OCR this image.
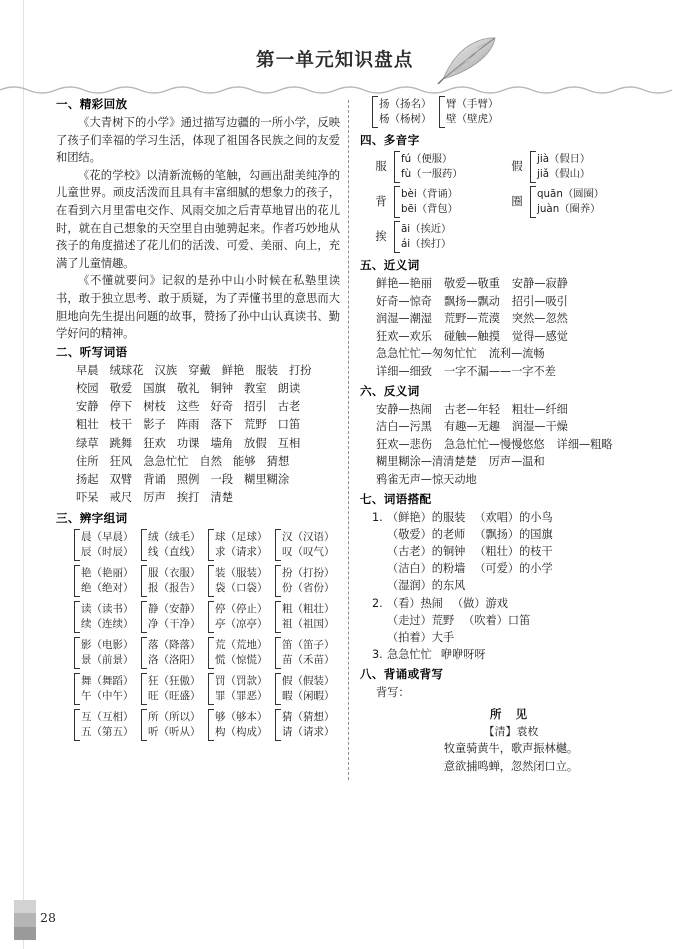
第一单元知识盘点
一、精彩回放

《大青树下的小学》通过描写边疆的一所小学，反映了孩子们幸福的学习生活，体现了祖国各民族之间的友爱和团结。

《花的学校》以清新流畅的笔触，勾画出甜美纯净的儿童世界。顽皮活泼而且具有丰富细腻的想象力的孩子，在看到六月里雷电交作、风雨交加之后青草地冒出的花儿时，就在自己想象的天空里自由驰骋起来。作者巧妙地从孩子的角度描述了花儿们的活泼、可爱、美丽、向上，充满了儿童情趣。

《不懂就要问》记叙的是孙中山小时候在私塾里读书，敢于独立思考、敢于质疑，为了弄懂书里的意思而大胆地向先生提出问题的故事，赞扬了孙中山认真读书、勤学好问的精神。

二、听写词语
早晨 绒球花 汉族 穿戴 鲜艳 服装 打扮
校园 敬爱 国旗 敬礼 铜钟 教室 朗读
安静 停下 树枝 这些 好奇 招引 古老
粗壮 枝干 影子 阵雨 落下 荒野 口笛
绿草 跳舞 狂欢 功课 墙角 放假 互相
住所 狂风 急急忙忙 自然 能够 猜想
扬起 双臂 背诵 照例 一段 糊里糊涂
吓呆 戒尺 厉声 挨打 清楚
三、辨字组词
晨（早晨）
辰（时辰）
绒（绒毛）
线（直线）
球（足球）
求（请求）
汉（汉语）
叹（叹气）
艳（艳丽）
绝（绝对）
服（衣服）
报（报告）
装（服装）
袋（口袋）
扮（打扮）
份（省份）
读（读书）
续（连续）
静（安静）
净（干净）
停（停止）
亭（凉亭）
粗（粗壮）
祖（祖国）
影（电影）
景（前景）
落（降落）
洛（洛阳）
荒（荒地）
慌（惊慌）
笛（笛子）
苗（禾苗）
舞（舞蹈）
午（中午）
狂（狂傲）
旺（旺盛）
罚（罚款）
罪（罪恶）
假（假装）
暇（闲暇）
互（互相）
五（第五）
所（所以）
听（听从）
够（够本）
构（构成）
猜（猜想）
请（请求）
扬（扬名）
杨（杨树）
臂（手臂）
壁（壁虎）
四、多音字
服
fú（便服）
fù（一服药）
假
jià（假日）
jiǎ（假山）
背
bèi（背诵）
bēi（背包）
圈
quān（圆圈）
juàn（圈养）
挨
āi（挨近）
ái（挨打）
五、近义词
鲜艳—艳丽 敬爱—敬重 安静—寂静
好奇—惊奇 飘扬—飘动 招引—吸引
润湿—潮湿 荒野—荒漠 突然—忽然
狂欢—欢乐 碰触—触摸 觉得—感觉
急急忙忙—匆匆忙忙 流利—流畅
详细—细致 一字不漏——一字不差
六、反义词
安静—热闹 古老—年轻 粗壮—纤细
洁白—污黑 有趣—无趣 润湿—干燥
狂欢—悲伤 急急忙忙—慢慢悠悠 详细—粗略
糊里糊涂—清清楚楚 厉声—温和
鸦雀无声—惊天动地
七、词语搭配
1. （鲜艳）的服装 （欢唱）的小鸟
（敬爱）的老师 （飘扬）的国旗
（古老）的铜钟 （粗壮）的枝干
（洁白）的粉墙 （可爱）的小学
（湿润）的东风
2. （看）热闹 （做）游戏
（走过）荒野 （吹着）口笛
（拍着）大手
3. 急急忙忙 咿咿呀呀
八、背诵或背写
背写：
所 见
【清】袁枚
牧童骑黄牛，歌声振林樾。
意欲捕鸣蝉，忽然闭口立。
28
